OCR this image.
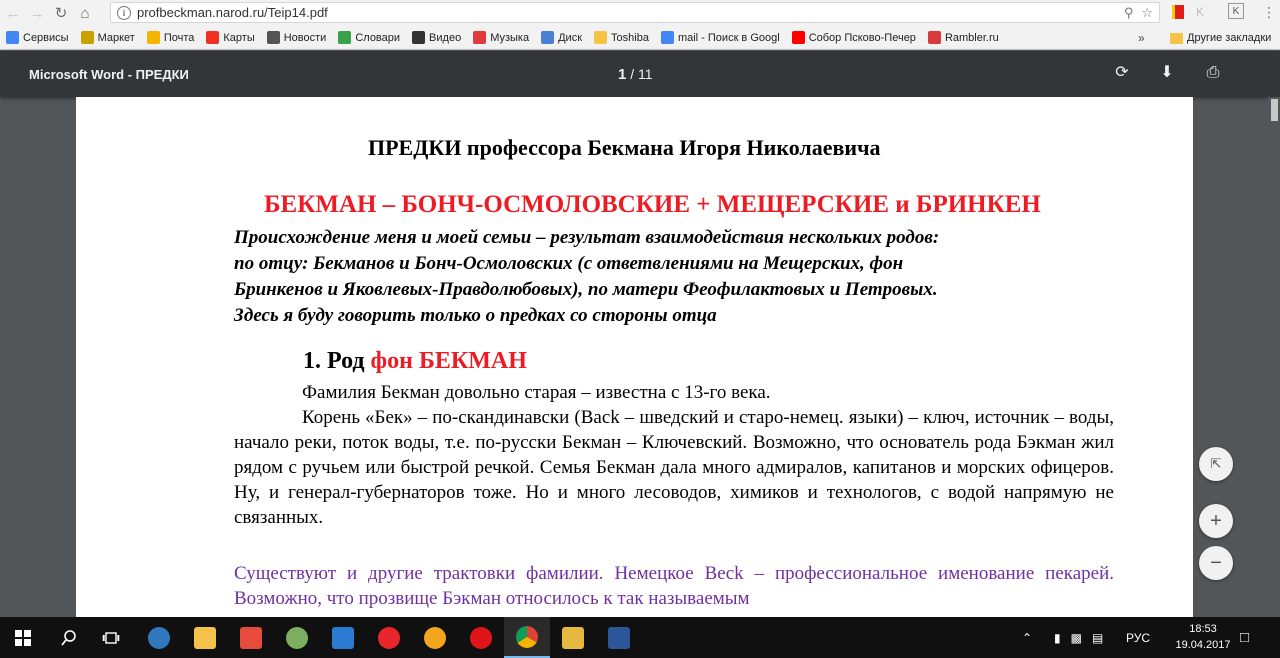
← → ↻ ⌂	i profbeckman.narod.ru/Teip14.pdf	⚲ ☆	K	K	⋮
Сервисы	Маркет	Почта	Карты	Новости	Словари	Видео	Музыка	Диск	Toshiba	mail - Поиск в Googl	Собор Псково-Печер	Rambler.ru	»	Другие закладки
Microsoft Word - ПРЕДКИ	1 / 11	⟳ ⬇ ⎙
ПРЕДКИ профессора Бекмана Игоря Николаевича
БЕКМАН – БОНЧ-ОСМОЛОВСКИЕ + МЕЩЕРСКИЕ и БРИНКЕН

Происхождение меня и моей семьи – результат взаимодействия нескольких родов:

по отцу: Бекманов и Бонч-Осмоловских (с ответвлениями на Мещерских, фон

Бринкенов и Яковлевых-Правдолюбовых), по матери Феофилактовых и Петровых.

Здесь я буду говорить только о предках со стороны отца

1. Род фон БЕКМАН
Фамилия Бекман довольно старая – известна с 13-го века.
Корень «Бек» – по-скандинавски (Back – шведский и старо-немец. языки) – ключ, источник – воды, начало реки, поток воды, т.е. по-русски Бекман – Ключевский. Возможно, что основатель рода Бэкман жил рядом с ручьем или быстрой речкой. Семья Бекман дала много адмиралов, капитанов и морских офицеров. Ну, и генерал-губернаторов тоже. Но и много лесоводов, химиков и технологов, с водой напрямую не связанных.
Существуют и другие трактовки фамилии. Немецкое Beck – профессиональное именование пекарей. Возможно, что прозвище Бэкман относилось к так называемым
⇱
+
−
⌃ ▮ ▩ ▤ РУС
18:53
19.04.2017 □
